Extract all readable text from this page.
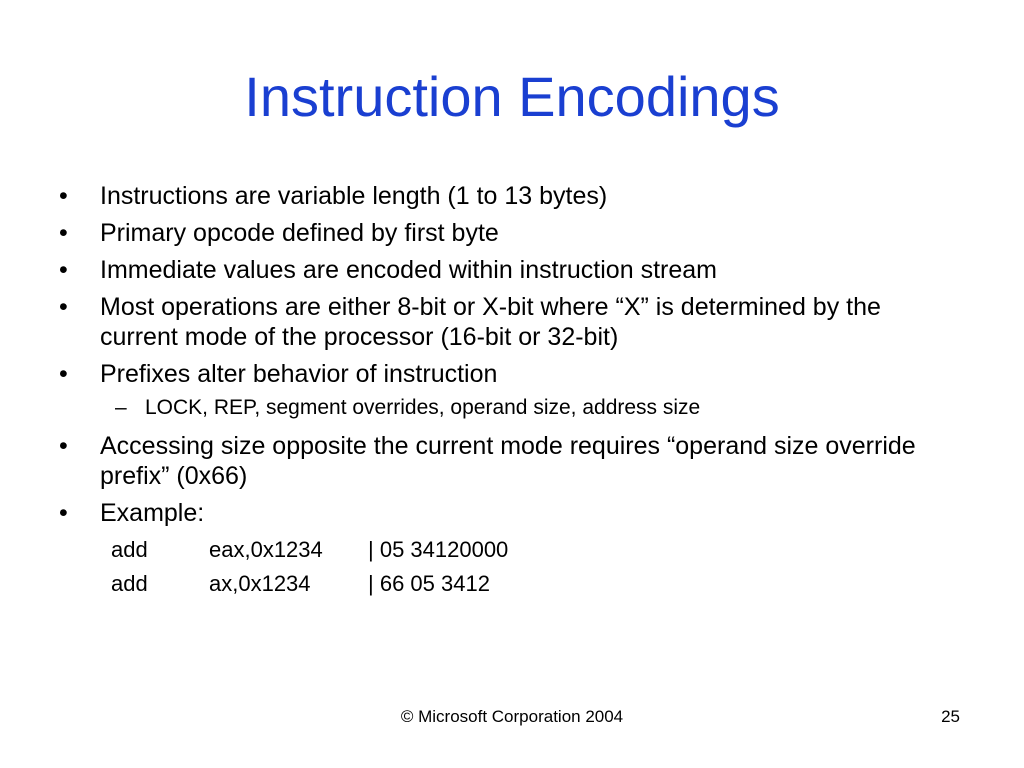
Instruction Encodings
• Instructions are variable length (1 to 13 bytes)
• Primary opcode defined by first byte
• Immediate values are encoded within instruction stream
• Most operations are either 8-bit or X-bit where “X” is determined by the current mode of the processor (16-bit or 32-bit)
• Prefixes alter behavior of instruction
– LOCK, REP, segment overrides, operand size, address size
• Accessing size opposite the current mode requires “operand size override prefix” (0x66)
• Example:
add	eax,0x1234 | 05 34120000
add	ax,0x1234	| 66 05 3412
© Microsoft Corporation 2004	25
